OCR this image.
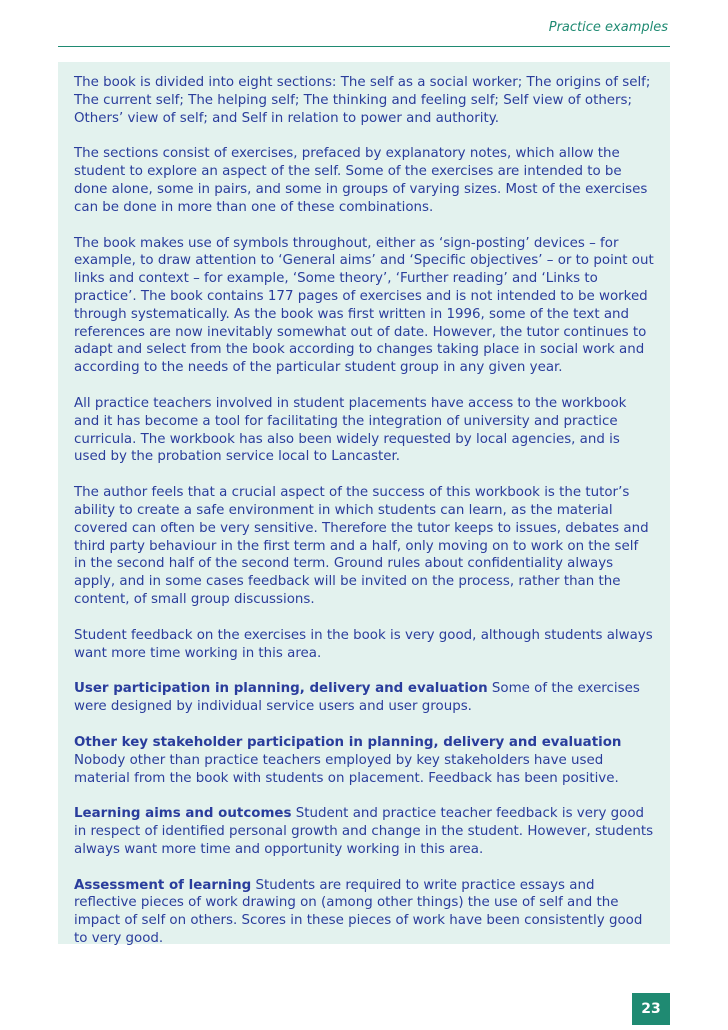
Practice examples

The book is divided into eight sections: The self as a social worker; The origins of self; The current self; The helping self; The thinking and feeling self; Self view of others; Others’ view of self; and Self in relation to power and authority.

The sections consist of exercises, prefaced by explanatory notes, which allow the student to explore an aspect of the self. Some of the exercises are intended to be done alone, some in pairs, and some in groups of varying sizes. Most of the exercises can be done in more than one of these combinations.

The book makes use of symbols throughout, either as ‘sign-posting’ devices – for example, to draw attention to ‘General aims’ and ‘Specific objectives’ – or to point out links and context – for example, ‘Some theory’, ‘Further reading’ and ‘Links to practice’. The book contains 177 pages of exercises and is not intended to be worked through systematically. As the book was first written in 1996, some of the text and references are now inevitably somewhat out of date. However, the tutor continues to adapt and select from the book according to changes taking place in social work and according to the needs of the particular student group in any given year.

All practice teachers involved in student placements have access to the workbook and it has become a tool for facilitating the integration of university and practice curricula. The workbook has also been widely requested by local agencies, and is used by the probation service local to Lancaster.

The author feels that a crucial aspect of the success of this workbook is the tutor’s ability to create a safe environment in which students can learn, as the material covered can often be very sensitive. Therefore the tutor keeps to issues, debates and third party behaviour in the first term and a half, only moving on to work on the self in the second half of the second term. Ground rules about confidentiality always apply, and in some cases feedback will be invited on the process, rather than the content, of small group discussions.

Student feedback on the exercises in the book is very good, although students always want more time working in this area.

User participation in planning, delivery and evaluation Some of the exercises were designed by individual service users and user groups.

Other key stakeholder participation in planning, delivery and evaluation Nobody other than practice teachers employed by key stakeholders have used material from the book with students on placement. Feedback has been positive.

Learning aims and outcomes Student and practice teacher feedback is very good in respect of identified personal growth and change in the student. However, students always want more time and opportunity working in this area.

Assessment of learning Students are required to write practice essays and reflective pieces of work drawing on (among other things) the use of self and the impact of self on others. Scores in these pieces of work have been consistently good to very good.

23
